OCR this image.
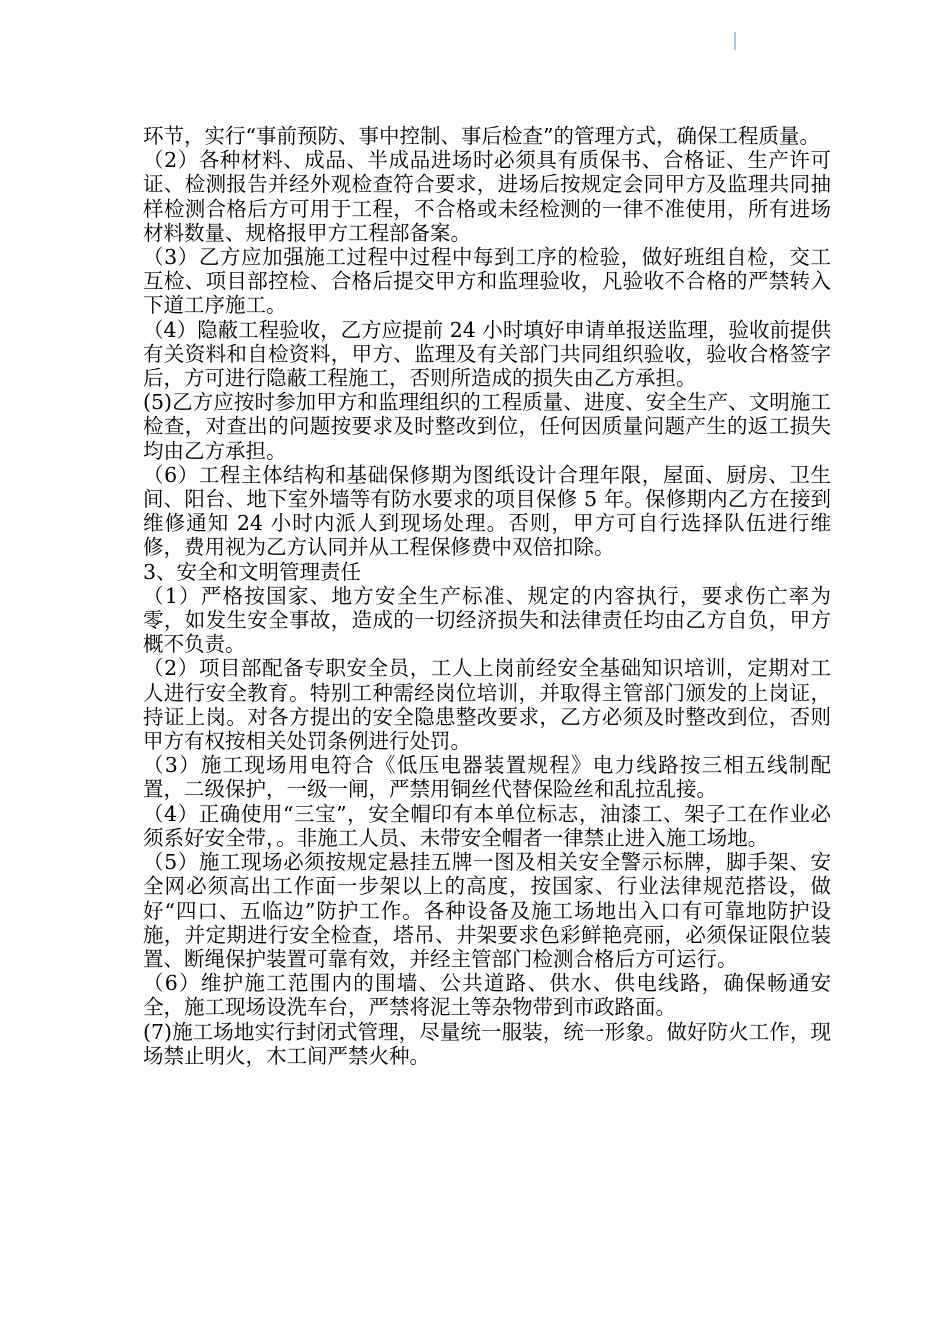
环节，实行“事前预防、事中控制、事后检查”的管理方式，确保工程质量。

（2）各种材料、成品、半成品进场时必须具有质保书、合格证、生产许可证、检测报告并经外观检查符合要求，进场后按规定会同甲方及监理共同抽样检测合格后方可用于工程，不合格或未经检测的一律不准使用，所有进场材料数量、规格报甲方工程部备案。

（3）乙方应加强施工过程中过程中每到工序的检验，做好班组自检，交工互检、项目部控检、合格后提交甲方和监理验收，凡验收不合格的严禁转入下道工序施工。

（4）隐蔽工程验收，乙方应提前 24 小时填好申请单报送监理，验收前提供有关资料和自检资料，甲方、监理及有关部门共同组织验收，验收合格签字后，方可进行隐蔽工程施工，否则所造成的损失由乙方承担。

(5)乙方应按时参加甲方和监理组织的工程质量、进度、安全生产、文明施工检查，对查出的问题按要求及时整改到位，任何因质量问题产生的返工损失均由乙方承担。

（6）工程主体结构和基础保修期为图纸设计合理年限，屋面、厨房、卫生间、阳台、地下室外墙等有防水要求的项目保修 5 年。保修期内乙方在接到维修通知 24 小时内派人到现场处理。否则，甲方可自行选择队伍进行维修，费用视为乙方认同并从工程保修费中双倍扣除。

3、安全和文明管理责任

（1）严格按国家、地方安全生产标准、规定的内容执行，要求伤亡率为零，如发生安全事故，造成的一切经济损失和法律责任均由乙方自负，甲方概不负责。

（2）项目部配备专职安全员，工人上岗前经安全基础知识培训，定期对工人进行安全教育。特别工种需经岗位培训，并取得主管部门颁发的上岗证，持证上岗。对各方提出的安全隐患整改要求，乙方必须及时整改到位，否则甲方有权按相关处罚条例进行处罚。

（3）施工现场用电符合《低压电器装置规程》电力线路按三相五线制配置，二级保护，一级一闸，严禁用铜丝代替保险丝和乱拉乱接。

（4）正确使用“三宝”，安全帽印有本单位标志，油漆工、架子工在作业必须系好安全带，。非施工人员、未带安全帽者一律禁止进入施工场地。

（5）施工现场必须按规定悬挂五牌一图及相关安全警示标牌，脚手架、安全网必须高出工作面一步架以上的高度，按国家、行业法律规范搭设，做好“四口、五临边”防护工作。各种设备及施工场地出入口有可靠地防护设施，并定期进行安全检查，塔吊、井架要求色彩鲜艳亮丽，必须保证限位装置、断绳保护装置可靠有效，并经主管部门检测合格后方可运行。

（6）维护施工范围内的围墙、公共道路、供水、供电线路，确保畅通安全，施工现场设洗车台，严禁将泥土等杂物带到市政路面。

(7)施工场地实行封闭式管理，尽量统一服装，统一形象。做好防火工作，现场禁止明火，木工间严禁火种。
